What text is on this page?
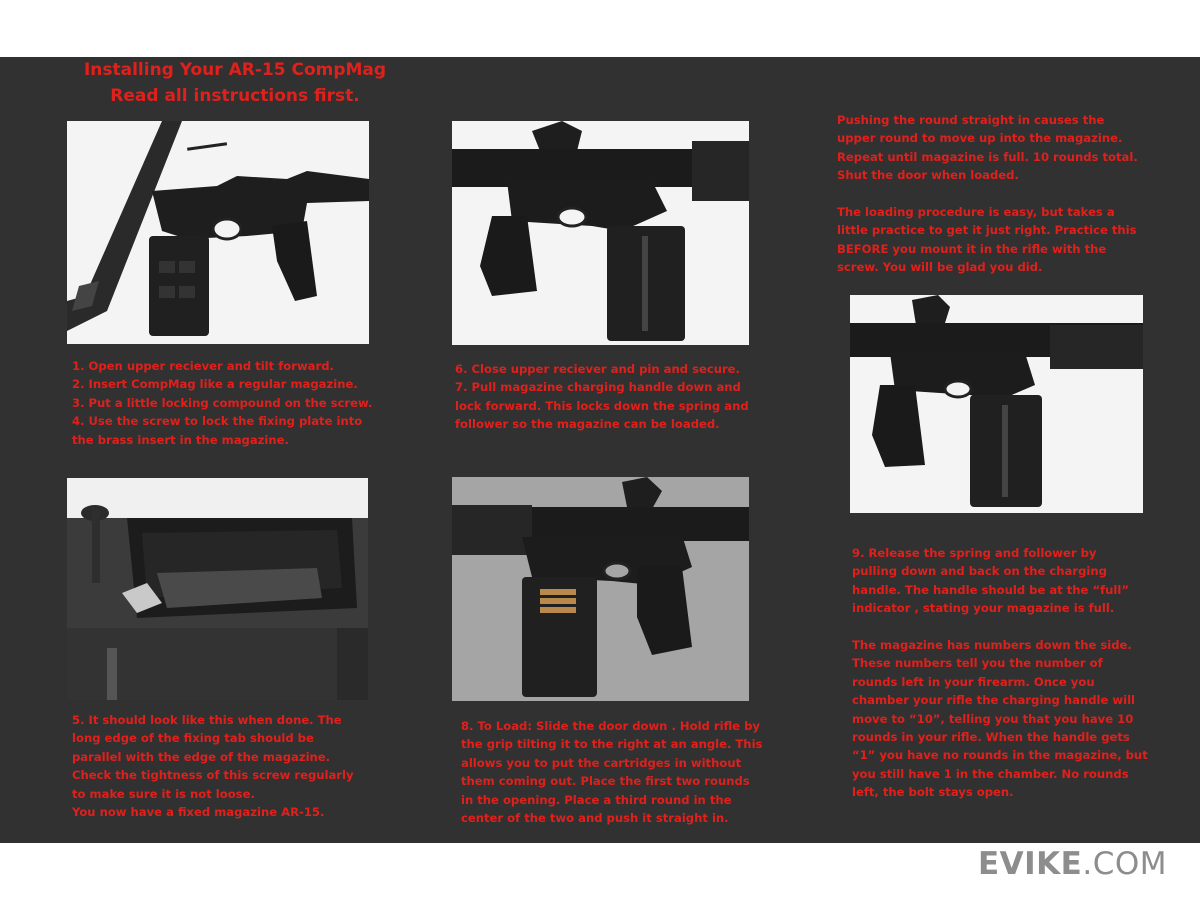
Installing Your AR-15 CompMag
Read all instructions first.

1. Open upper reciever and tilt forward.
2. Insert CompMag like a regular magazine.
3. Put a little locking compound on the screw.
4. Use the screw to lock the fixing plate into
the brass insert in the magazine.

6. Close upper reciever and pin and secure.
7. Pull magazine charging handle down and
lock forward. This locks down the spring and
follower so the magazine can be loaded.

Pushing the round straight in causes the
upper round to move up into the magazine.
Repeat until magazine is full. 10 rounds total.
Shut the door when loaded.

The loading procedure is easy, but takes a
little practice to get it just right. Practice this
BEFORE you mount it in the rifle with the
screw. You will be glad you did.

9. Release the spring and follower by
pulling down and back on the charging
handle. The handle should be at the “full”
indicator , stating your magazine is full.

The magazine has numbers down the side.
These numbers tell you the number of
rounds left in your firearm. Once you
chamber your rifle the charging handle will
move to “10”, telling you that you have 10
rounds in your rifle. When the handle gets
“1” you have no rounds in the magazine, but
you still have 1 in the chamber. No rounds
left, the bolt stays open.

5. It should look like this when done. The
long edge of the fixing tab should be
parallel with the edge of the magazine.
Check the tightness of this screw regularly
to make sure it is not loose.
You now have a fixed magazine AR-15.

8. To Load: Slide the door down . Hold rifle by
the grip tilting it to the right at an angle. This
allows you to put the cartridges in without
them coming out. Place the first two rounds
in the opening. Place a third round in the
center of the two and push it straight in.

EVIKE.COM
